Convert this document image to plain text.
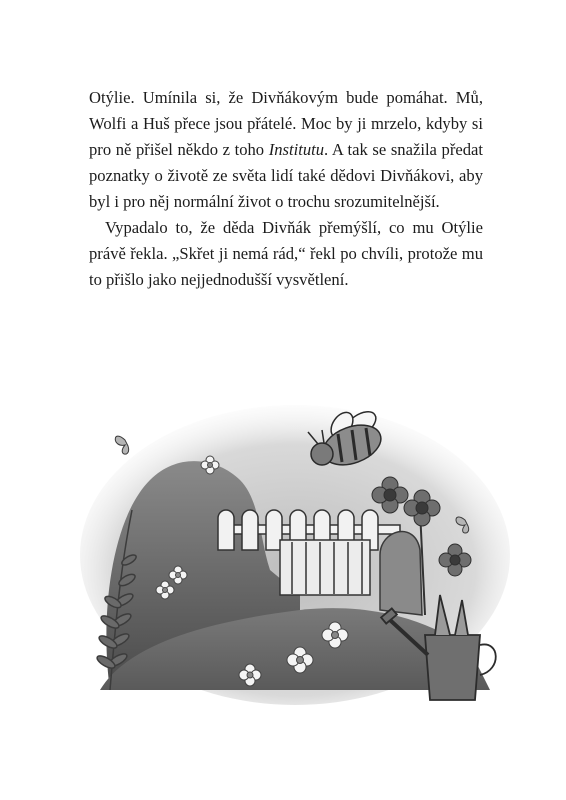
Otýlie. Umínila si, že Divňákovým bude pomáhat. Mů, Wolfi a Huš přece jsou přátelé. Moc by ji mrzelo, kdyby si pro ně přišel někdo z toho Institutu. A tak se snažila předat poznatky o životě ze světa lidí také dědovi Divňákovi, aby byl i pro něj normální život o trochu srozumitelnější.

Vypadalo to, že děda Divňák přemýšlí, co mu Otýlie právě řekla. „Skřet ji nemá rád,“ řekl po chvíli, protože mu to přišlo jako nejjednodušší vysvětlení.
